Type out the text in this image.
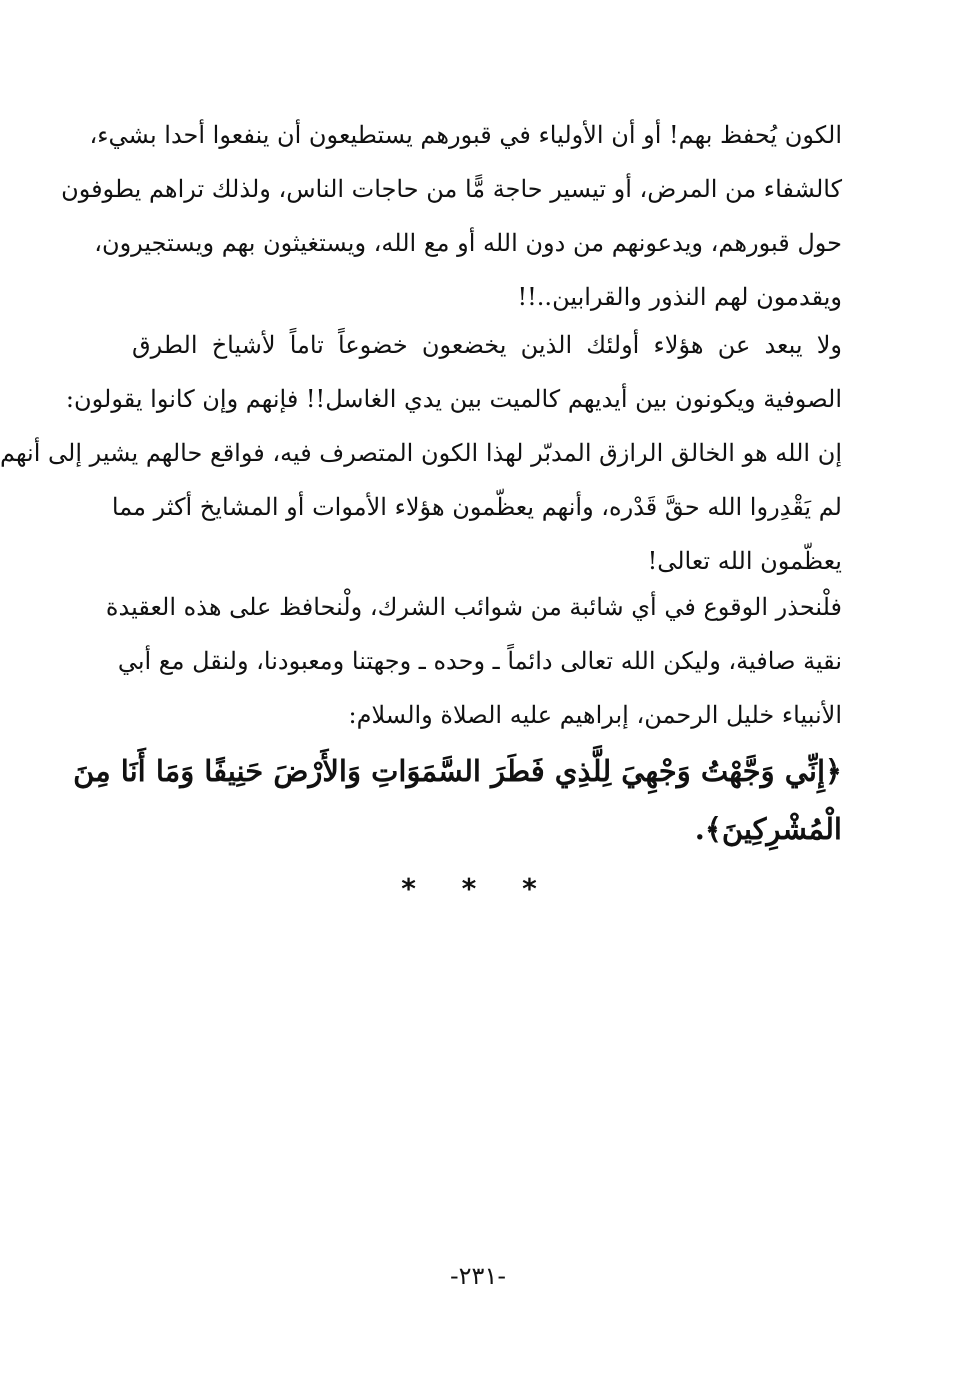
الكون يُحفظ بهم! أو أن الأولياء في قبورهم يستطيعون أن ينفعوا أحدا بشيء،
كالشفاء من المرض، أو تيسير حاجة مًّا من حاجات الناس، ولذلك تراهم يطوفون
حول قبورهم، ويدعونهم من دون الله أو مع الله، ويستغيثون بهم ويستجيرون،
ويقدمون لهم النذور والقرابين..!!
ولا يبعد عن هؤلاء أولئك الذين يخضعون خضوعاً تاماً لأشياخ الطرق
الصوفية ويكونون بين أيديهم كالميت بين يدي الغاسل!! فإنهم وإن كانوا يقولون:
إن الله هو الخالق الرازق المدبّر لهذا الكون المتصرف فيه، فواقع حالهم يشير إلى أنهم
لم يَقْدِروا الله حقَّ قَدْره، وأنهم يعظّمون هؤلاء الأموات أو المشايخ أكثر مما
يعظّمون الله تعالى!
فلْنحذر الوقوع في أي شائبة من شوائب الشرك، ولْنحافظ على هذه العقيدة
نقية صافية، وليكن الله تعالى دائماً ـ وحده ـ وجهتنا ومعبودنا، ولنقل مع أبي
الأنبياء خليل الرحمن، إبراهيم عليه الصلاة والسلام:
﴿إِنِّي وَجَّهْتُ وَجْهِيَ لِلَّذِي فَطَرَ السَّمَوَاتِ وَالأَرْضَ حَنِيفًا وَمَا أَنَا مِنَ
الْمُشْرِكِينَ﴾.
* * *
-٢٣١-
